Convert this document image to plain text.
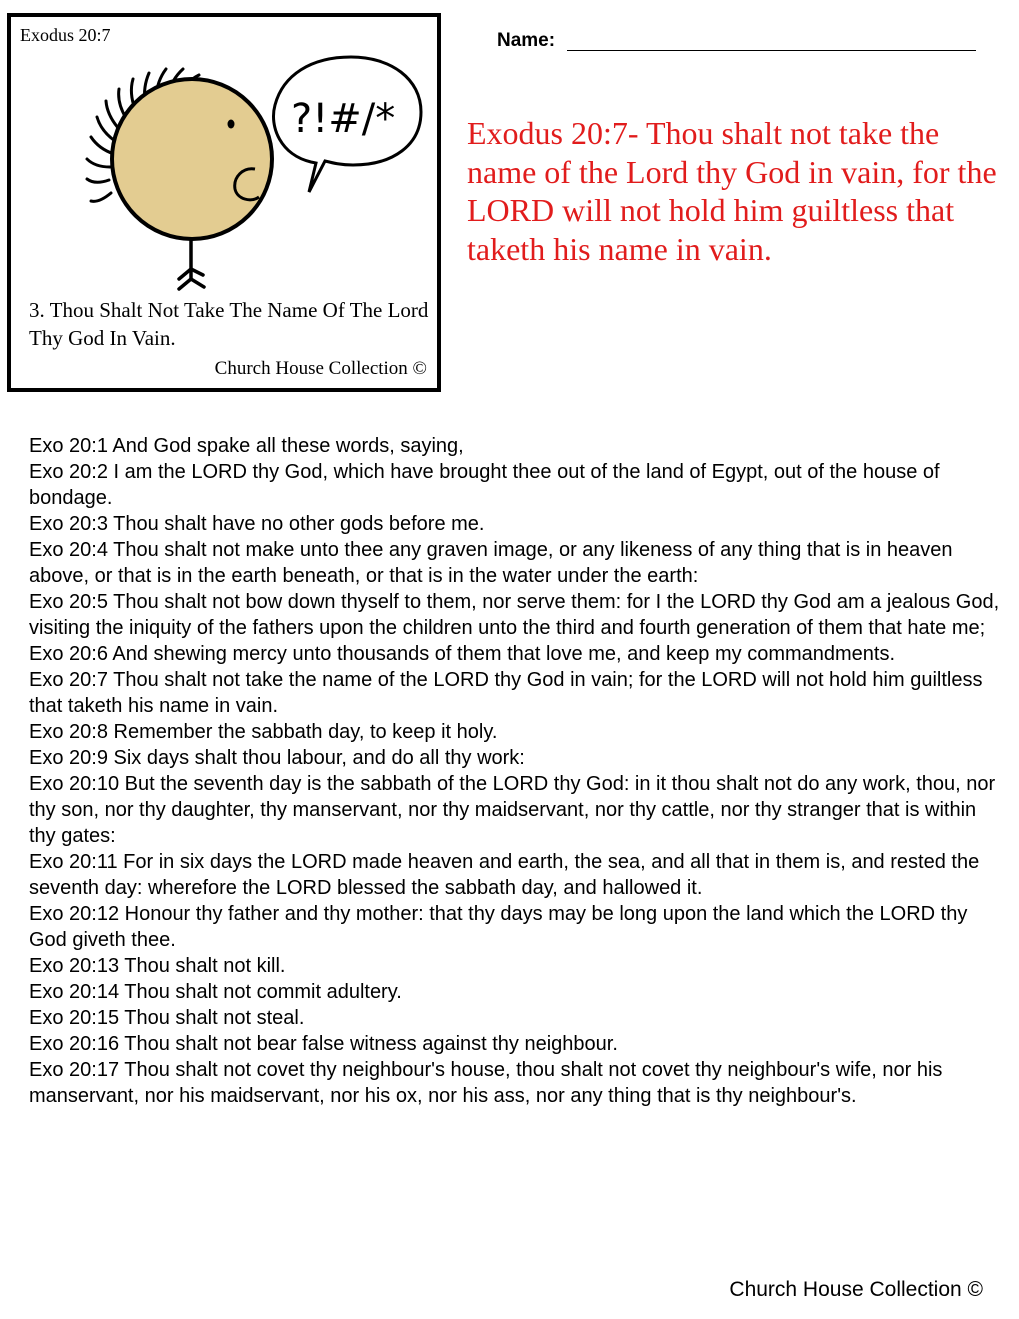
Exodus 20:7
?!#/*
3. Thou Shalt Not Take The Name Of The Lord Thy God In Vain.
Church House Collection ©
Name:
Exodus 20:7- Thou shalt not take the name of the Lord thy God in vain, for the LORD will not hold him guiltless that taketh his name in vain.

Exo 20:1 And God spake all these words, saying,

Exo 20:2 I am the LORD thy God, which have brought thee out of the land of Egypt, out of the house of bondage.

Exo 20:3 Thou shalt have no other gods before me.

Exo 20:4 Thou shalt not make unto thee any graven image, or any likeness of any thing that is in heaven above, or that is in the earth beneath, or that is in the water under the earth:

Exo 20:5 Thou shalt not bow down thyself to them, nor serve them: for I the LORD thy God am a jealous God, visiting the iniquity of the fathers upon the children unto the third and fourth generation of them that hate me;

Exo 20:6 And shewing mercy unto thousands of them that love me, and keep my commandments.

Exo 20:7 Thou shalt not take the name of the LORD thy God in vain; for the LORD will not hold him guiltless that taketh his name in vain.

Exo 20:8 Remember the sabbath day, to keep it holy.

Exo 20:9 Six days shalt thou labour, and do all thy work:

Exo 20:10 But the seventh day is the sabbath of the LORD thy God: in it thou shalt not do any work, thou, nor thy son, nor thy daughter, thy manservant, nor thy maidservant, nor thy cattle, nor thy stranger that is within thy gates:

Exo 20:11 For in six days the LORD made heaven and earth, the sea, and all that in them is, and rested the seventh day: wherefore the LORD blessed the sabbath day, and hallowed it.

Exo 20:12 Honour thy father and thy mother: that thy days may be long upon the land which the LORD thy God giveth thee.

Exo 20:13 Thou shalt not kill.

Exo 20:14 Thou shalt not commit adultery.

Exo 20:15 Thou shalt not steal.

Exo 20:16 Thou shalt not bear false witness against thy neighbour.

Exo 20:17 Thou shalt not covet thy neighbour's house, thou shalt not covet thy neighbour's wife, nor his manservant, nor his maidservant, nor his ox, nor his ass, nor any thing that is thy neighbour's.

Church House Collection ©
